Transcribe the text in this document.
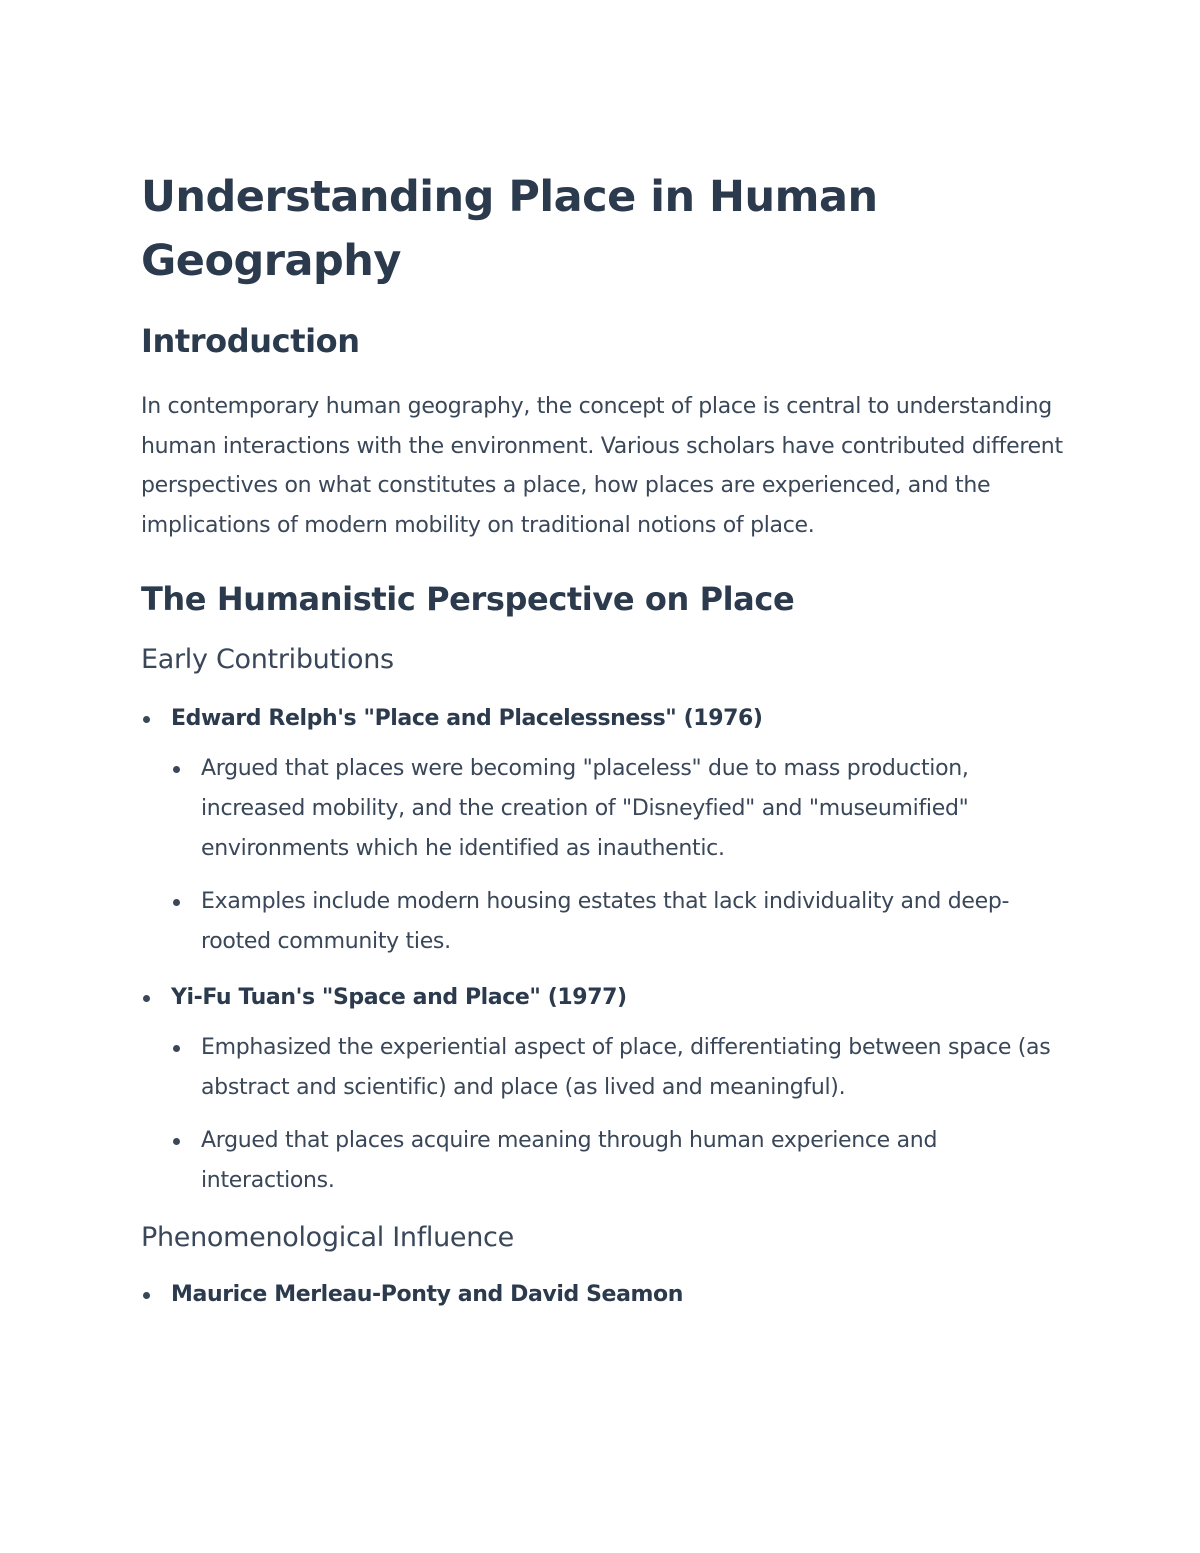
Understanding Place in Human Geography
Introduction

In contemporary human geography, the concept of place is central to understanding human interactions with the environment. Various scholars have contributed different perspectives on what constitutes a place, how places are experienced, and the implications of modern mobility on traditional notions of place.

The Humanistic Perspective on Place
Early Contributions
Edward Relph's "Place and Placelessness" (1976)
Argued that places were becoming "placeless" due to mass production, increased mobility, and the creation of "Disneyfied" and "museumified" environments which he identified as inauthentic.
Examples include modern housing estates that lack individuality and deep-rooted community ties.
Yi-Fu Tuan's "Space and Place" (1977)
Emphasized the experiential aspect of place, differentiating between space (as abstract and scientific) and place (as lived and meaningful).
Argued that places acquire meaning through human experience and interactions.
Phenomenological Influence
Maurice Merleau-Ponty and David Seamon
